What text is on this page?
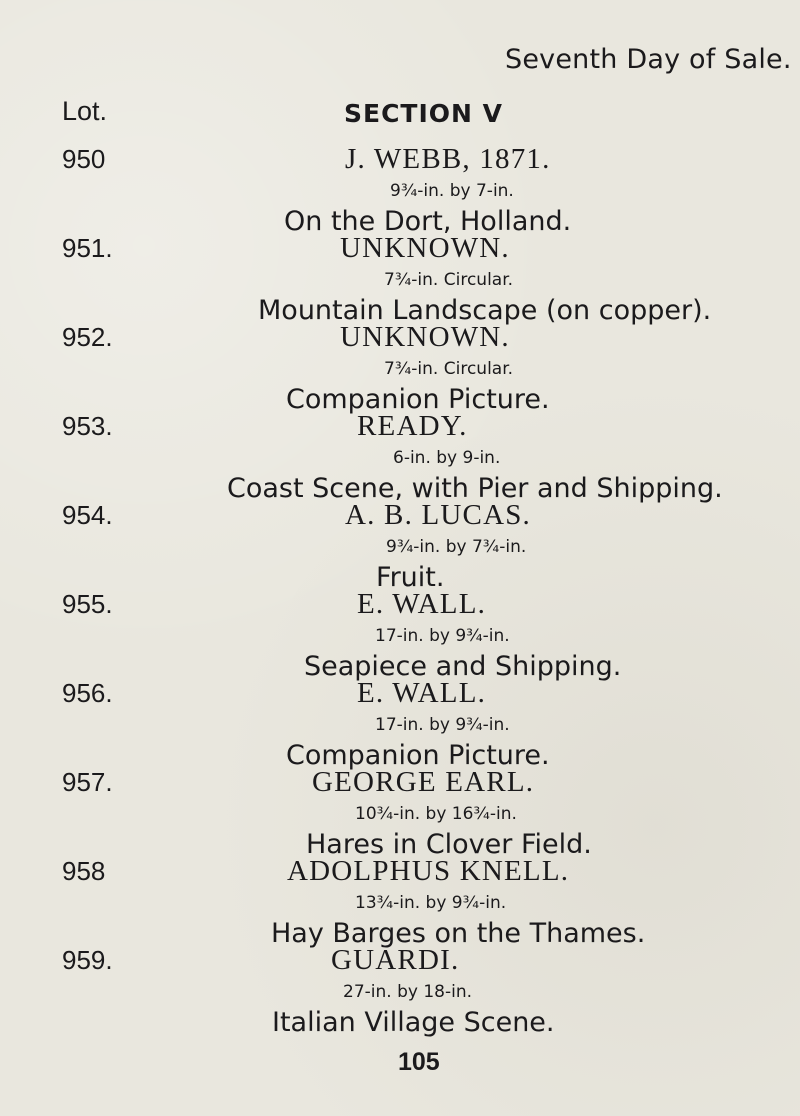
Seventh Day of Sale.
Lot.	SECTION V
950	J. WEBB, 1871.
9¾-in. by 7-in.
On the Dort, Holland.
951.	UNKNOWN.
7¾-in. Circular.
Mountain Landscape (on copper).
952.	UNKNOWN.
7¾-in. Circular.
Companion Picture.
953.	READY.
6-in. by 9-in.
Coast Scene, with Pier and Shipping.
954.	A. B. LUCAS.
9¾-in. by 7¾-in.
Fruit.
955.	E. WALL.
17-in. by 9¾-in.
Seapiece and Shipping.
956.	E. WALL.
17-in. by 9¾-in.
Companion Picture.
957.	GEORGE EARL.
10¾-in. by 16¾-in.
Hares in Clover Field.
958	ADOLPHUS KNELL.
13¾-in. by 9¾-in.
Hay Barges on the Thames.
959.	GUARDI.
27-in. by 18-in.
Italian Village Scene.
105
